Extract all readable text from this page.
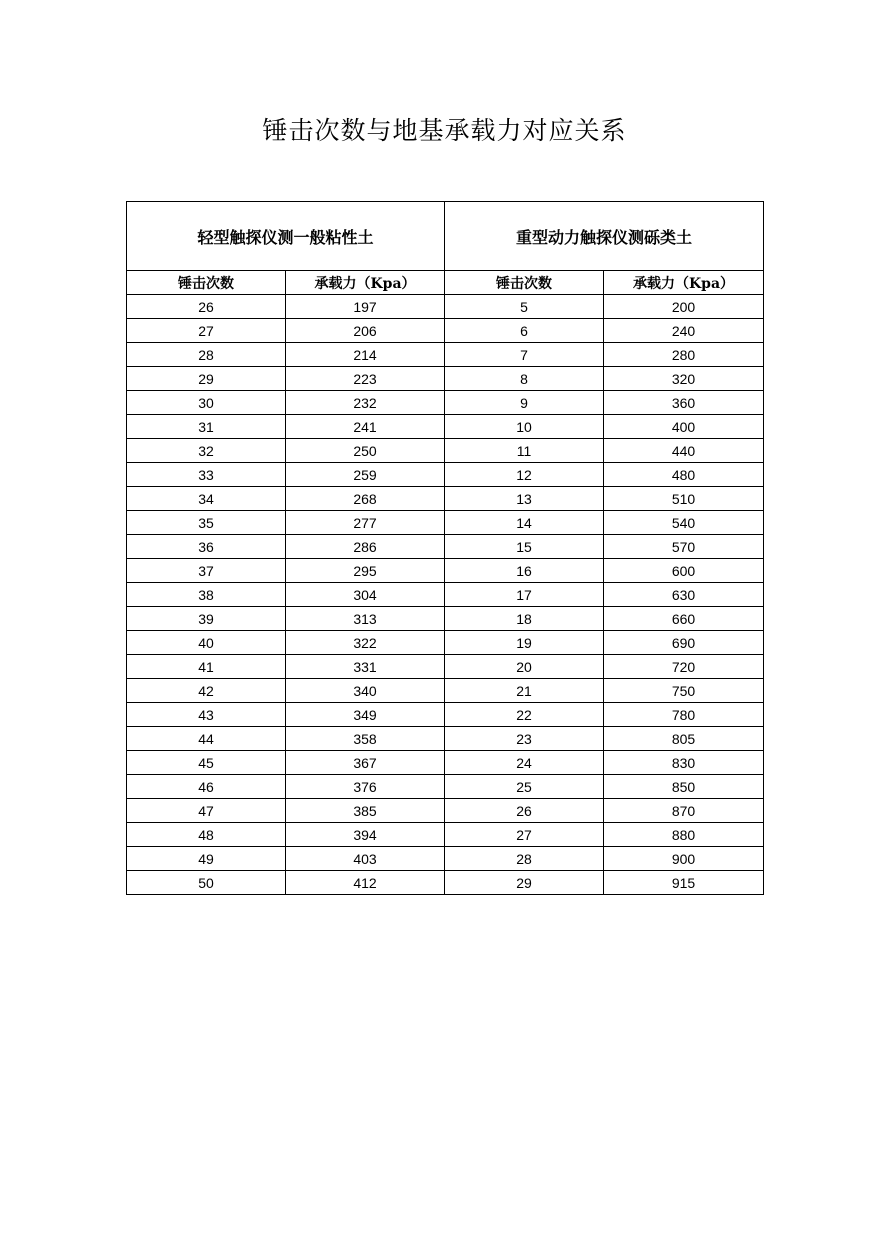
锤击次数与地基承载力对应关系
轻型触探仪测一般粘性土		重型动力触探仪测砾类土	
锤击次数	承载力（Kpa）	锤击次数	承载力（Kpa）
26	197	5	200
27	206	6	240
28	214	7	280
29	223	8	320
30	232	9	360
31	241	10	400
32	250	11	440
33	259	12	480
34	268	13	510
35	277	14	540
36	286	15	570
37	295	16	600
38	304	17	630
39	313	18	660
40	322	19	690
41	331	20	720
42	340	21	750
43	349	22	780
44	358	23	805
45	367	24	830
46	376	25	850
47	385	26	870
48	394	27	880
49	403	28	900
50	412	29	915
